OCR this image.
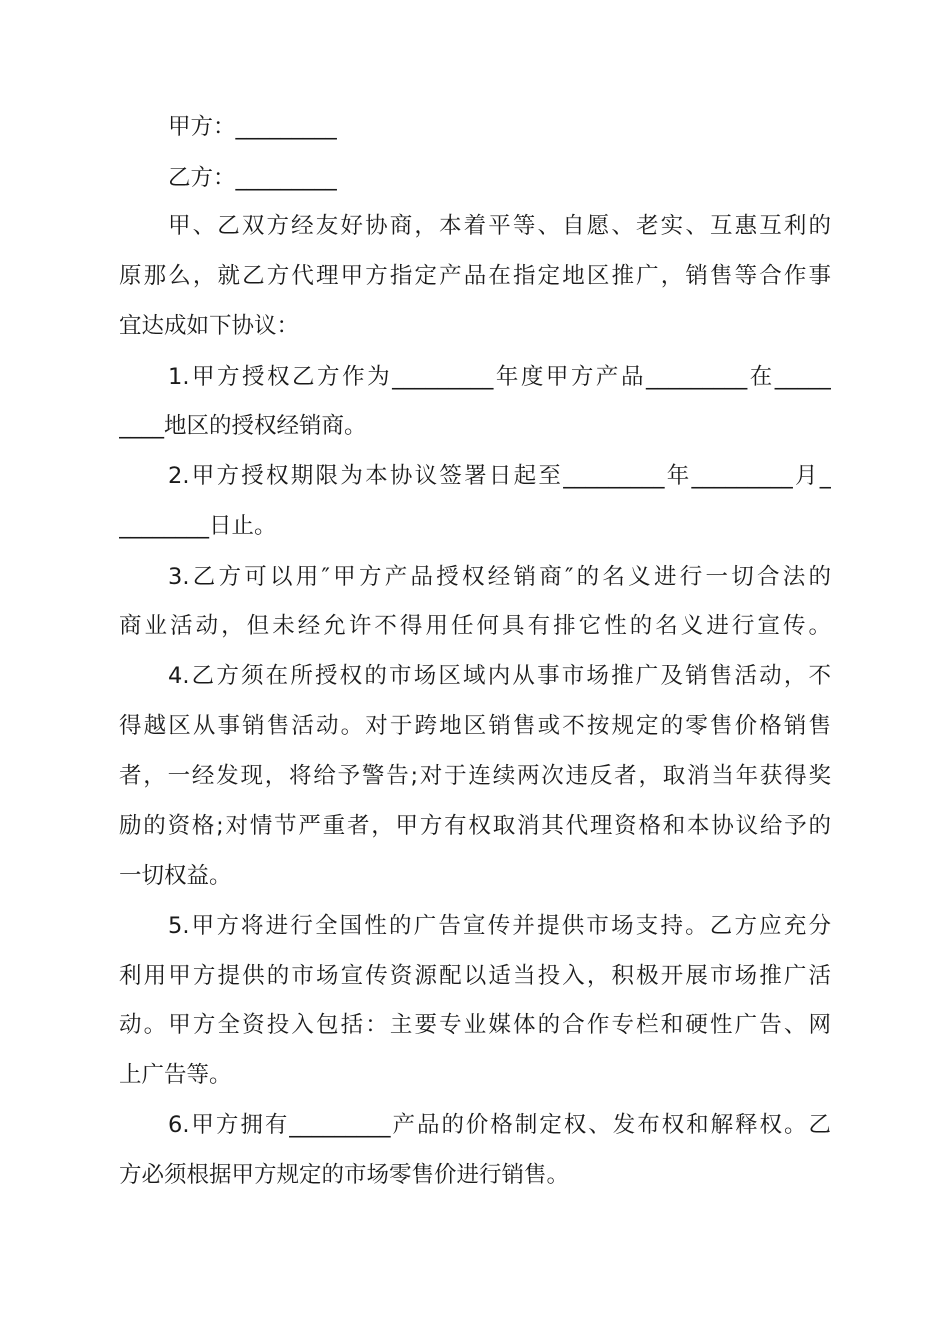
甲方：_________
乙方：_________
甲、乙双方经友好协商，本着平等、自愿、老实、互惠互利的
原那么，就乙方代理甲方指定产品在指定地区推广，销售等合作事
宜达成如下协议：
1.甲方授权乙方作为_________年度甲方产品_________在_____
____地区的授权经销商。
2.甲方授权期限为本协议签署日起至_________年_________月_
________日止。
3.乙方可以用″甲方产品授权经销商″的名义进行一切合法的
商业活动，但未经允许不得用任何具有排它性的名义进行宣传。
4.乙方须在所授权的市场区域内从事市场推广及销售活动，不
得越区从事销售活动。对于跨地区销售或不按规定的零售价格销售
者，一经发现，将给予警告;对于连续两次违反者，取消当年获得奖
励的资格;对情节严重者，甲方有权取消其代理资格和本协议给予的
一切权益。
5.甲方将进行全国性的广告宣传并提供市场支持。乙方应充分
利用甲方提供的市场宣传资源配以适当投入，积极开展市场推广活
动。甲方全资投入包括：主要专业媒体的合作专栏和硬性广告、网
上广告等。
6.甲方拥有_________产品的价格制定权、发布权和解释权。乙
方必须根据甲方规定的市场零售价进行销售。
